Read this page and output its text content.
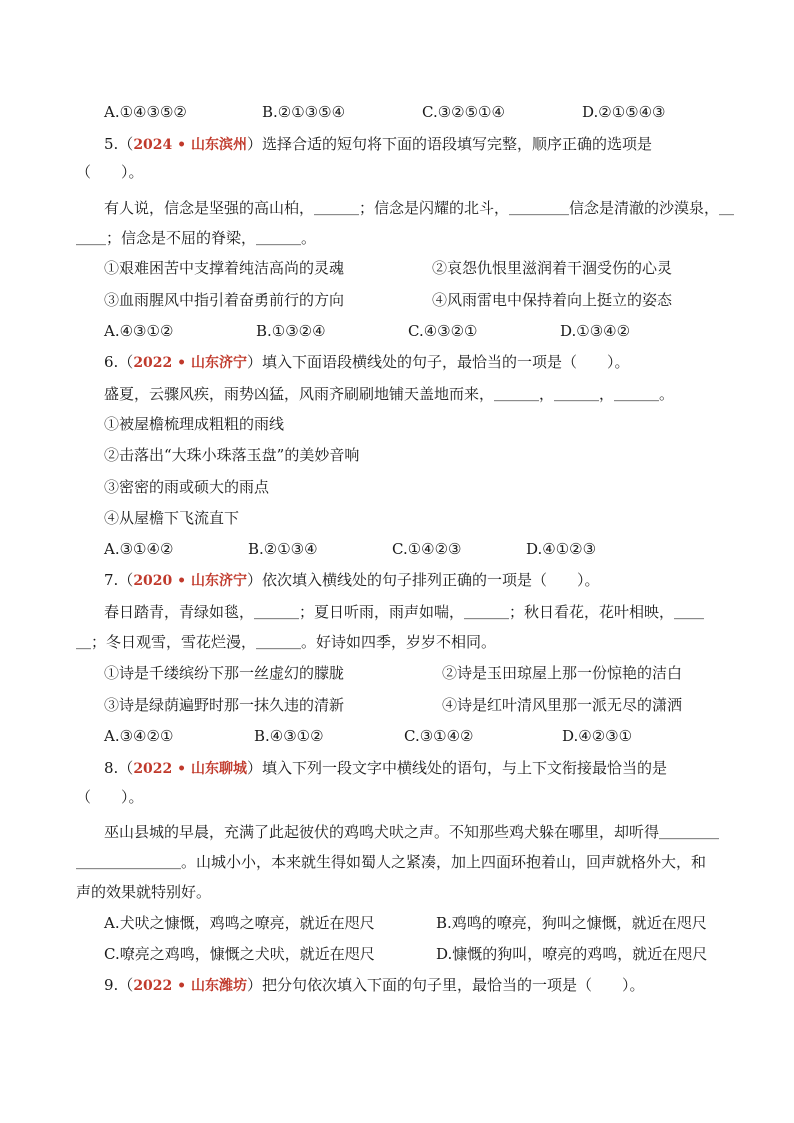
A.①④③⑤②	B.②①③⑤④	C.③②⑤①④	D.②①⑤④③
5.（2024 • 山东滨州）选择合适的短句将下面的语段填写完整，顺序正确的选项是
（　　）。
有人说，信念是坚强的高山柏，＿＿＿；信念是闪耀的北斗，＿＿＿＿信念是清澈的沙漠泉，＿
＿＿；信念是不屈的脊梁，＿＿＿。
①艰难困苦中支撑着纯洁高尚的灵魂	②哀怨仇恨里滋润着干涸受伤的心灵
③血雨腥风中指引着奋勇前行的方向	④风雨雷电中保持着向上挺立的姿态
A.④③①②	B.①③②④	C.④③②①	D.①③④②
6.（2022 • 山东济宁）填入下面语段横线处的句子，最恰当的一项是（　　）。
盛夏，云骤风疾，雨势凶猛，风雨齐刷刷地铺天盖地而来，＿＿＿，＿＿＿，＿＿＿。
①被屋檐梳理成粗粗的雨线
②击落出“大珠小珠落玉盘”的美妙音响
③密密的雨或硕大的雨点
④从屋檐下飞流直下
A.③①④②	B.②①③④	C.①④②③	D.④①②③
7.（2020 • 山东济宁）依次填入横线处的句子排列正确的一项是（　　）。
春日踏青，青绿如毯，＿＿＿；夏日听雨，雨声如喘，＿＿＿；秋日看花，花叶相映，＿＿
＿；冬日观雪，雪花烂漫，＿＿＿。好诗如四季，岁岁不相同。
①诗是千缕缤纷下那一丝虚幻的朦胧	②诗是玉田琼屋上那一份惊艳的洁白
③诗是绿荫遍野时那一抹久违的清新	④诗是红叶清风里那一派无尽的潇洒
A.③④②①	B.④③①②	C.③①④②	D.④②③①
8.（2022 • 山东聊城）填入下列一段文字中横线处的语句，与上下文衔接最恰当的是
（　　）。
巫山县城的早晨，充满了此起彼伏的鸡鸣犬吠之声。不知那些鸡犬躲在哪里，却听得＿＿＿＿
＿＿＿＿＿＿＿。山城小小，本来就生得如蜀人之紧凑，加上四面环抱着山，回声就格外大，和
声的效果就特别好。
A.犬吠之慷慨，鸡鸣之嘹亮，就近在咫尺	B.鸡鸣的嘹亮，狗叫之慷慨，就近在咫尺
C.嘹亮之鸡鸣，慷慨之犬吠，就近在咫尺	D.慷慨的狗叫，嘹亮的鸡鸣，就近在咫尺
9.（2022 • 山东潍坊）把分句依次填入下面的句子里，最恰当的一项是（　　）。
